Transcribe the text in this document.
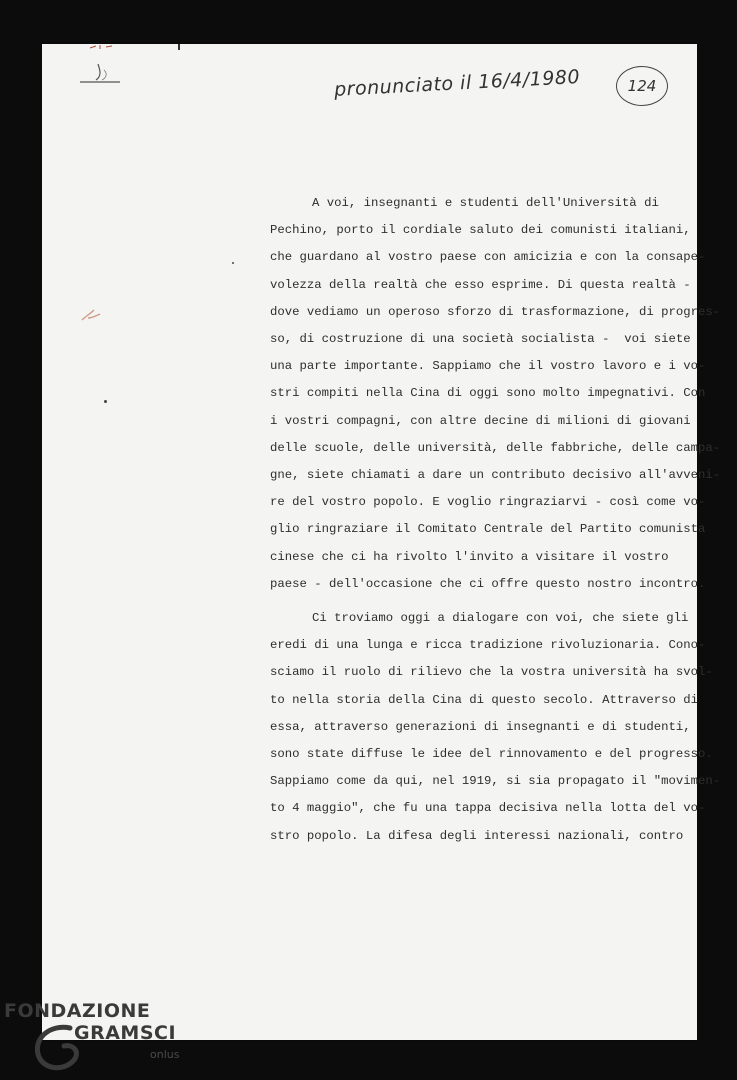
pronunciato il 16/4/1980	124
A voi, insegnanti e studenti dell'Università di
Pechino, porto il cordiale saluto dei comunisti italiani,
che guardano al vostro paese con amicizia e con la consape-
volezza della realtà che esso esprime. Di questa realtà -
dove vediamo un operoso sforzo di trasformazione, di progres-
so, di costruzione di una società socialista -  voi siete
una parte importante. Sappiamo che il vostro lavoro e i vo-
stri compiti nella Cina di oggi sono molto impegnativi. Con
i vostri compagni, con altre decine di milioni di giovani
delle scuole, delle università, delle fabbriche, delle campa-
gne, siete chiamati a dare un contributo decisivo all'avveni-
re del vostro popolo. E voglio ringraziarvi - così come vo-
glio ringraziare il Comitato Centrale del Partito comunista
cinese che ci ha rivolto l'invito a visitare il vostro
paese - dell'occasione che ci offre questo nostro incontro.
Ci troviamo oggi a dialogare con voi, che siete gli
eredi di una lunga e ricca tradizione rivoluzionaria. Cono-
sciamo il ruolo di rilievo che la vostra università ha svol-
to nella storia della Cina di questo secolo. Attraverso di
essa, attraverso generazioni di insegnanti e di studenti,
sono state diffuse le idee del rinnovamento e del progresso.
Sappiamo come da qui, nel 1919, si sia propagato il "movimen-
to 4 maggio", che fu una tappa decisiva nella lotta del vo-
stro popolo. La difesa degli interessi nazionali, contro
FONDAZIONE
GRAMSCI
onlus
